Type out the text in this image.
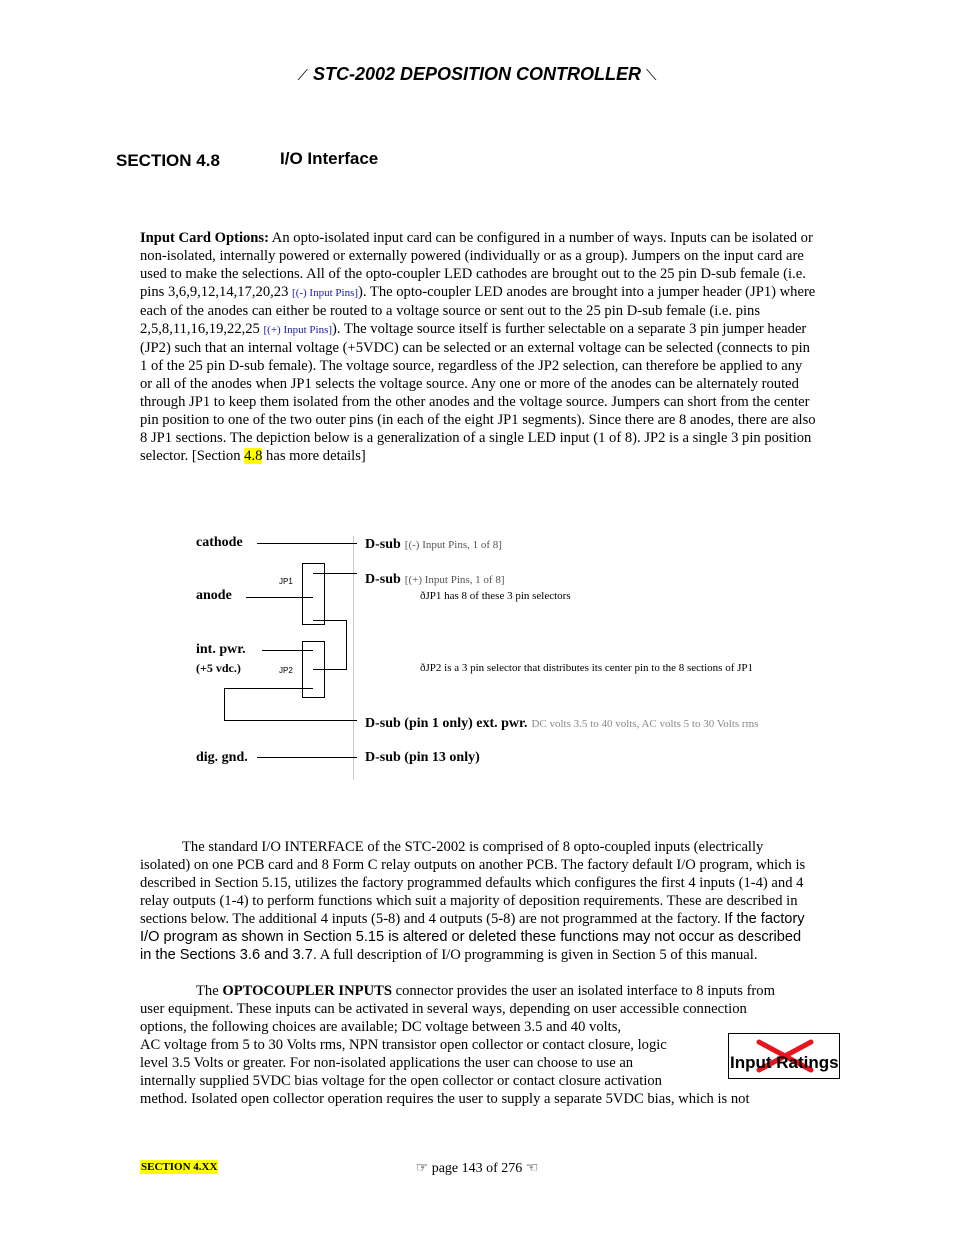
⟋ STC-2002 DEPOSITION CONTROLLER ⟍
SECTION 4.8	I/O Interface
Input Card Options: An opto-isolated input card can be configured in a number of ways. Inputs can be isolated or non-isolated, internally powered or externally powered (individually or as a group). Jumpers on the input card are used to make the selections. All of the opto-coupler LED cathodes are brought out to the 25 pin D-sub female (i.e. pins 3,6,9,12,14,17,20,23 [(-) Input Pins]). The opto-coupler LED anodes are brought into a jumper header (JP1) where each of the anodes can either be routed to a voltage source or sent out to the 25 pin D-sub female (i.e. pins 2,5,8,11,16,19,22,25 [(+) Input Pins]). The voltage source itself is further selectable on a separate 3 pin jumper header (JP2) such that an internal voltage (+5VDC) can be selected or an external voltage can be selected (connects to pin 1 of the 25 pin D-sub female). The voltage source, regardless of the JP2 selection, can therefore be applied to any or all of the anodes when JP1 selects the voltage source. Any one or more of the anodes can be alternately routed through JP1 to keep them isolated from the other anodes and the voltage source. Jumpers can short from the center pin position to one of the two outer pins (in each of the eight JP1 segments). Since there are 8 anodes, there are also 8 JP1 sections. The depiction below is a generalization of a single LED input (1 of 8). JP2 is a single 3 pin position selector. [Section 4.8 has more details]
cathode
anode
int. pwr.
(+5 vdc.)
dig. gnd.
JP1
JP2
D-sub [(-) Input Pins, 1 of 8]
D-sub [(+) Input Pins, 1 of 8]
ðJP1 has 8 of these 3 pin selectors
ðJP2 is a 3 pin selector that distributes its center pin to the 8 sections of JP1
D-sub (pin 1 only) ext. pwr. DC volts 3.5 to 40 volts, AC volts 5 to 30 Volts rms
D-sub (pin 13 only)
The standard I/O INTERFACE of the STC-2002 is comprised of 8 opto-coupled inputs (electrically isolated) on one PCB card and 8 Form C relay outputs on another PCB. The factory default I/O program, which is described in Section 5.15, utilizes the factory programmed defaults which configures the first 4 inputs (1-4) and 4 relay outputs (1-4) to perform functions which suit a majority of deposition requirements. These are described in sections below. The additional 4 inputs (5-8) and 4 outputs (5-8) are not programmed at the factory. If the factory I/O program as shown in Section 5.15 is altered or deleted these functions may not occur as described in the Sections 3.6 and 3.7. A full description of I/O programming is given in Section 5 of this manual.
The OPTOCOUPLER INPUTS connector provides the user an isolated interface to 8 inputs from user equipment. These inputs can be activated in several ways, depending on user accessible connection options, the following choices are available; DC voltage between 3.5 and 40 volts,
AC voltage from 5 to 30 Volts rms, NPN transistor open collector or contact closure, logic
level 3.5 Volts or greater. For non-isolated applications the user can choose to use an
internally supplied 5VDC bias voltage for the open collector or contact closure activation
method. Isolated open collector operation requires the user to supply a separate 5VDC bias, which is not
Input Ratings
SECTION 4.XX	☞ page 143 of 276 ☜
